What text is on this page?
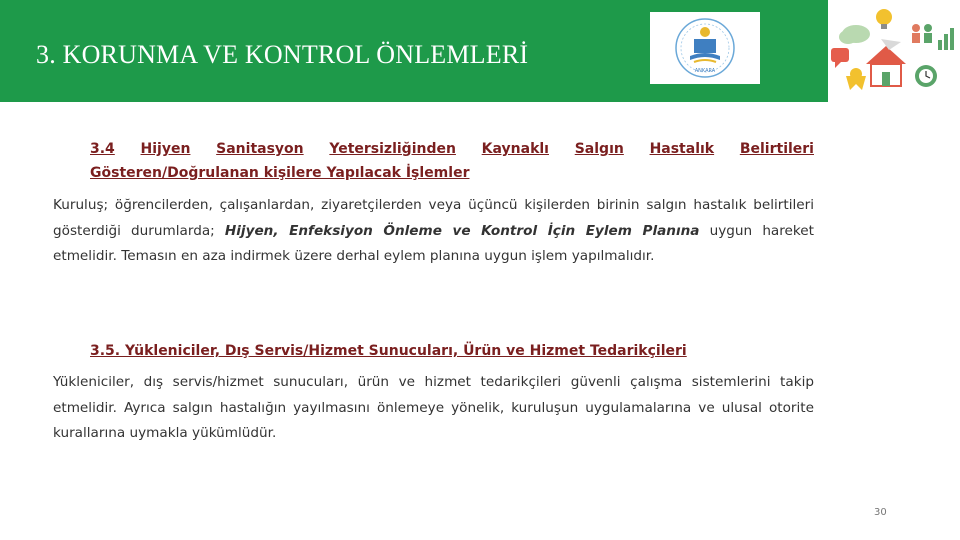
3. KORUNMA VE KONTROL ÖNLEMLERİ
ANKARA
3.4 Hijyen Sanitasyon Yetersizliğinden Kaynaklı Salgın Hastalık Belirtileri
Gösteren/Doğrulanan kişilere Yapılacak İşlemler

Kuruluş; öğrencilerden, çalışanlardan, ziyaretçilerden veya üçüncü kişilerden birinin salgın hastalık belirtileri gösterdiği durumlarda; Hijyen, Enfeksiyon Önleme ve Kontrol İçin Eylem Planına uygun hareket etmelidir. Temasın en aza indirmek üzere derhal eylem planına uygun işlem yapılmalıdır.

3.5. Yükleniciler, Dış Servis/Hizmet Sunucuları, Ürün ve Hizmet Tedarikçileri

Yükleniciler, dış servis/hizmet sunucuları, ürün ve hizmet tedarikçileri güvenli çalışma sistemlerini takip etmelidir. Ayrıca salgın hastalığın yayılmasını önlemeye yönelik, kuruluşun uygulamalarına ve ulusal otorite kurallarına uymakla yükümlüdür.

30
